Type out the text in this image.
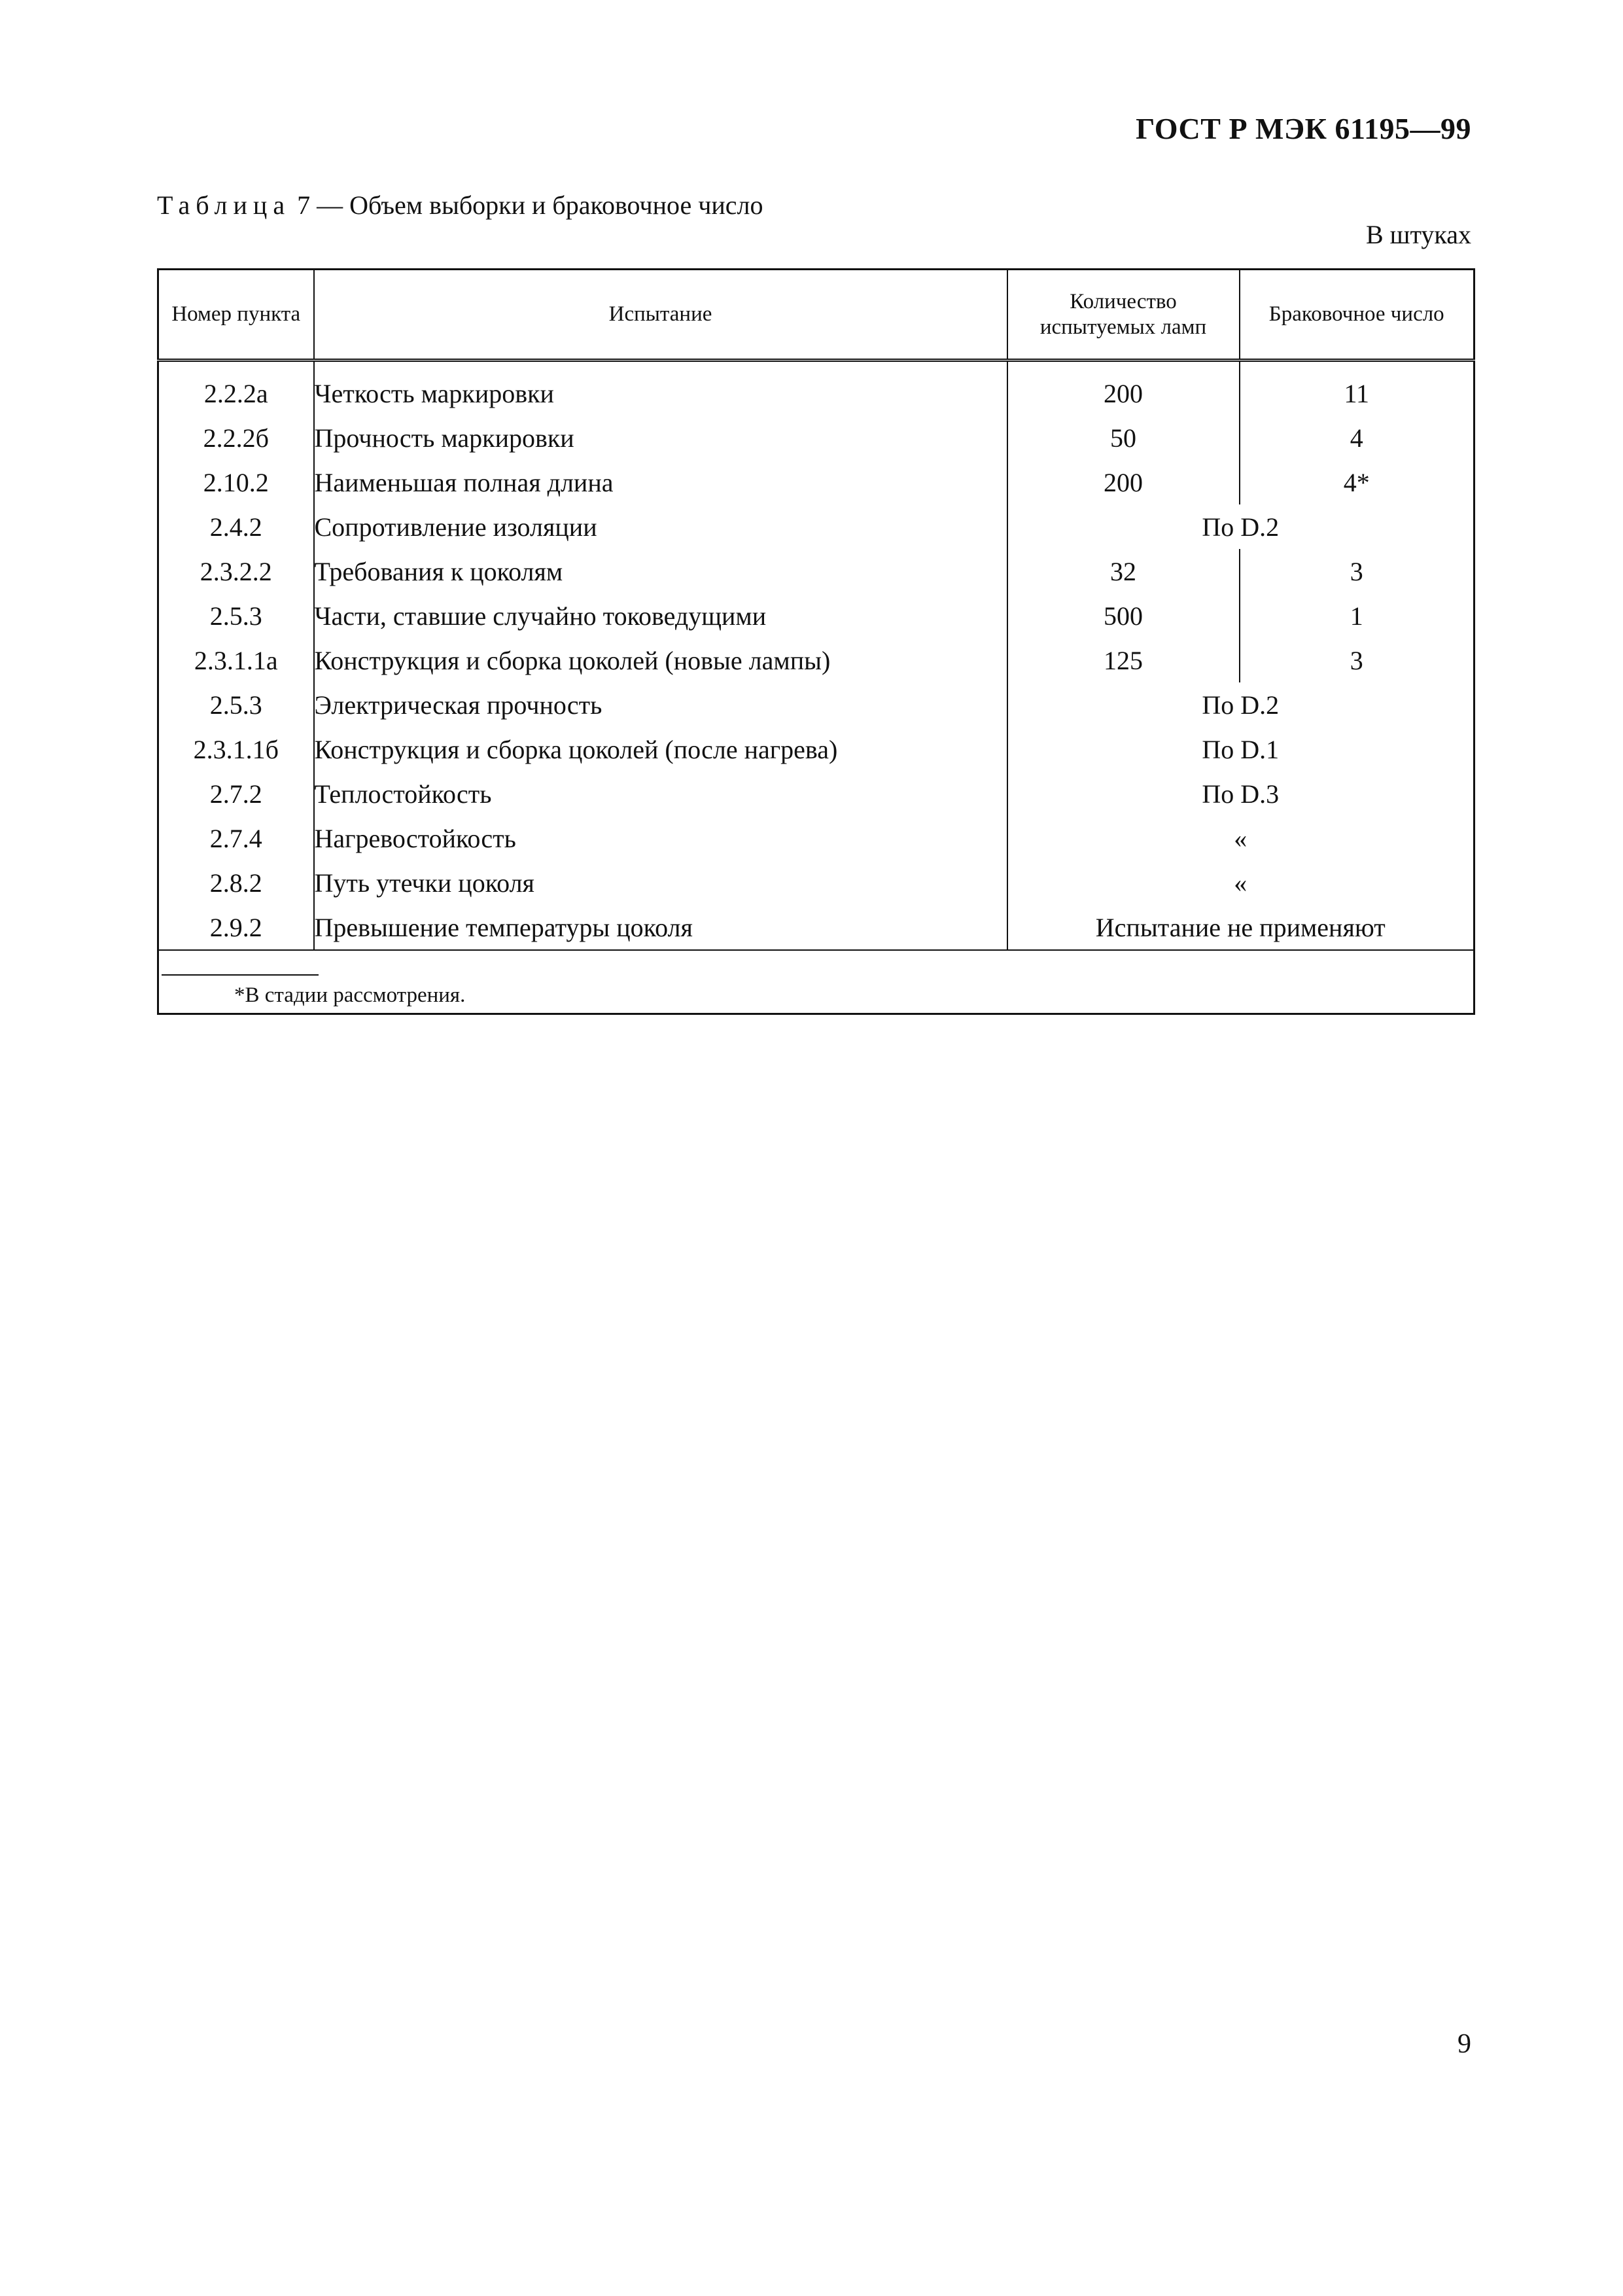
ГОСТ Р МЭК 61195—99
Таблица 7 — Объем выборки и браковочное число
В штуках
Номер пункта	Испытание	Количество испытуемых ламп	Браковочное число
2.2.2а	Четкость маркировки	200	11
2.2.2б	Прочность маркировки	50	4
2.10.2	Наименьшая полная длина	200	4*
2.4.2	Сопротивление изоляции	По D.2	
2.3.2.2	Требования к цоколям	32	3
2.5.3	Части, ставшие случайно токоведущими	500	1
2.3.1.1а	Конструкция и сборка цоколей (новые лампы)	125	3
2.5.3	Электрическая прочность	По D.2	
2.3.1.1б	Конструкция и сборка цоколей (после нагрева)	По D.1	
2.7.2	Теплостойкость	По D.3	
2.7.4	Нагревостойкость	«	
2.8.2	Путь утечки цоколя	«	
2.9.2	Превышение температуры цоколя	Испытание не применяют	

*В стадии рассмотрения.			
9
